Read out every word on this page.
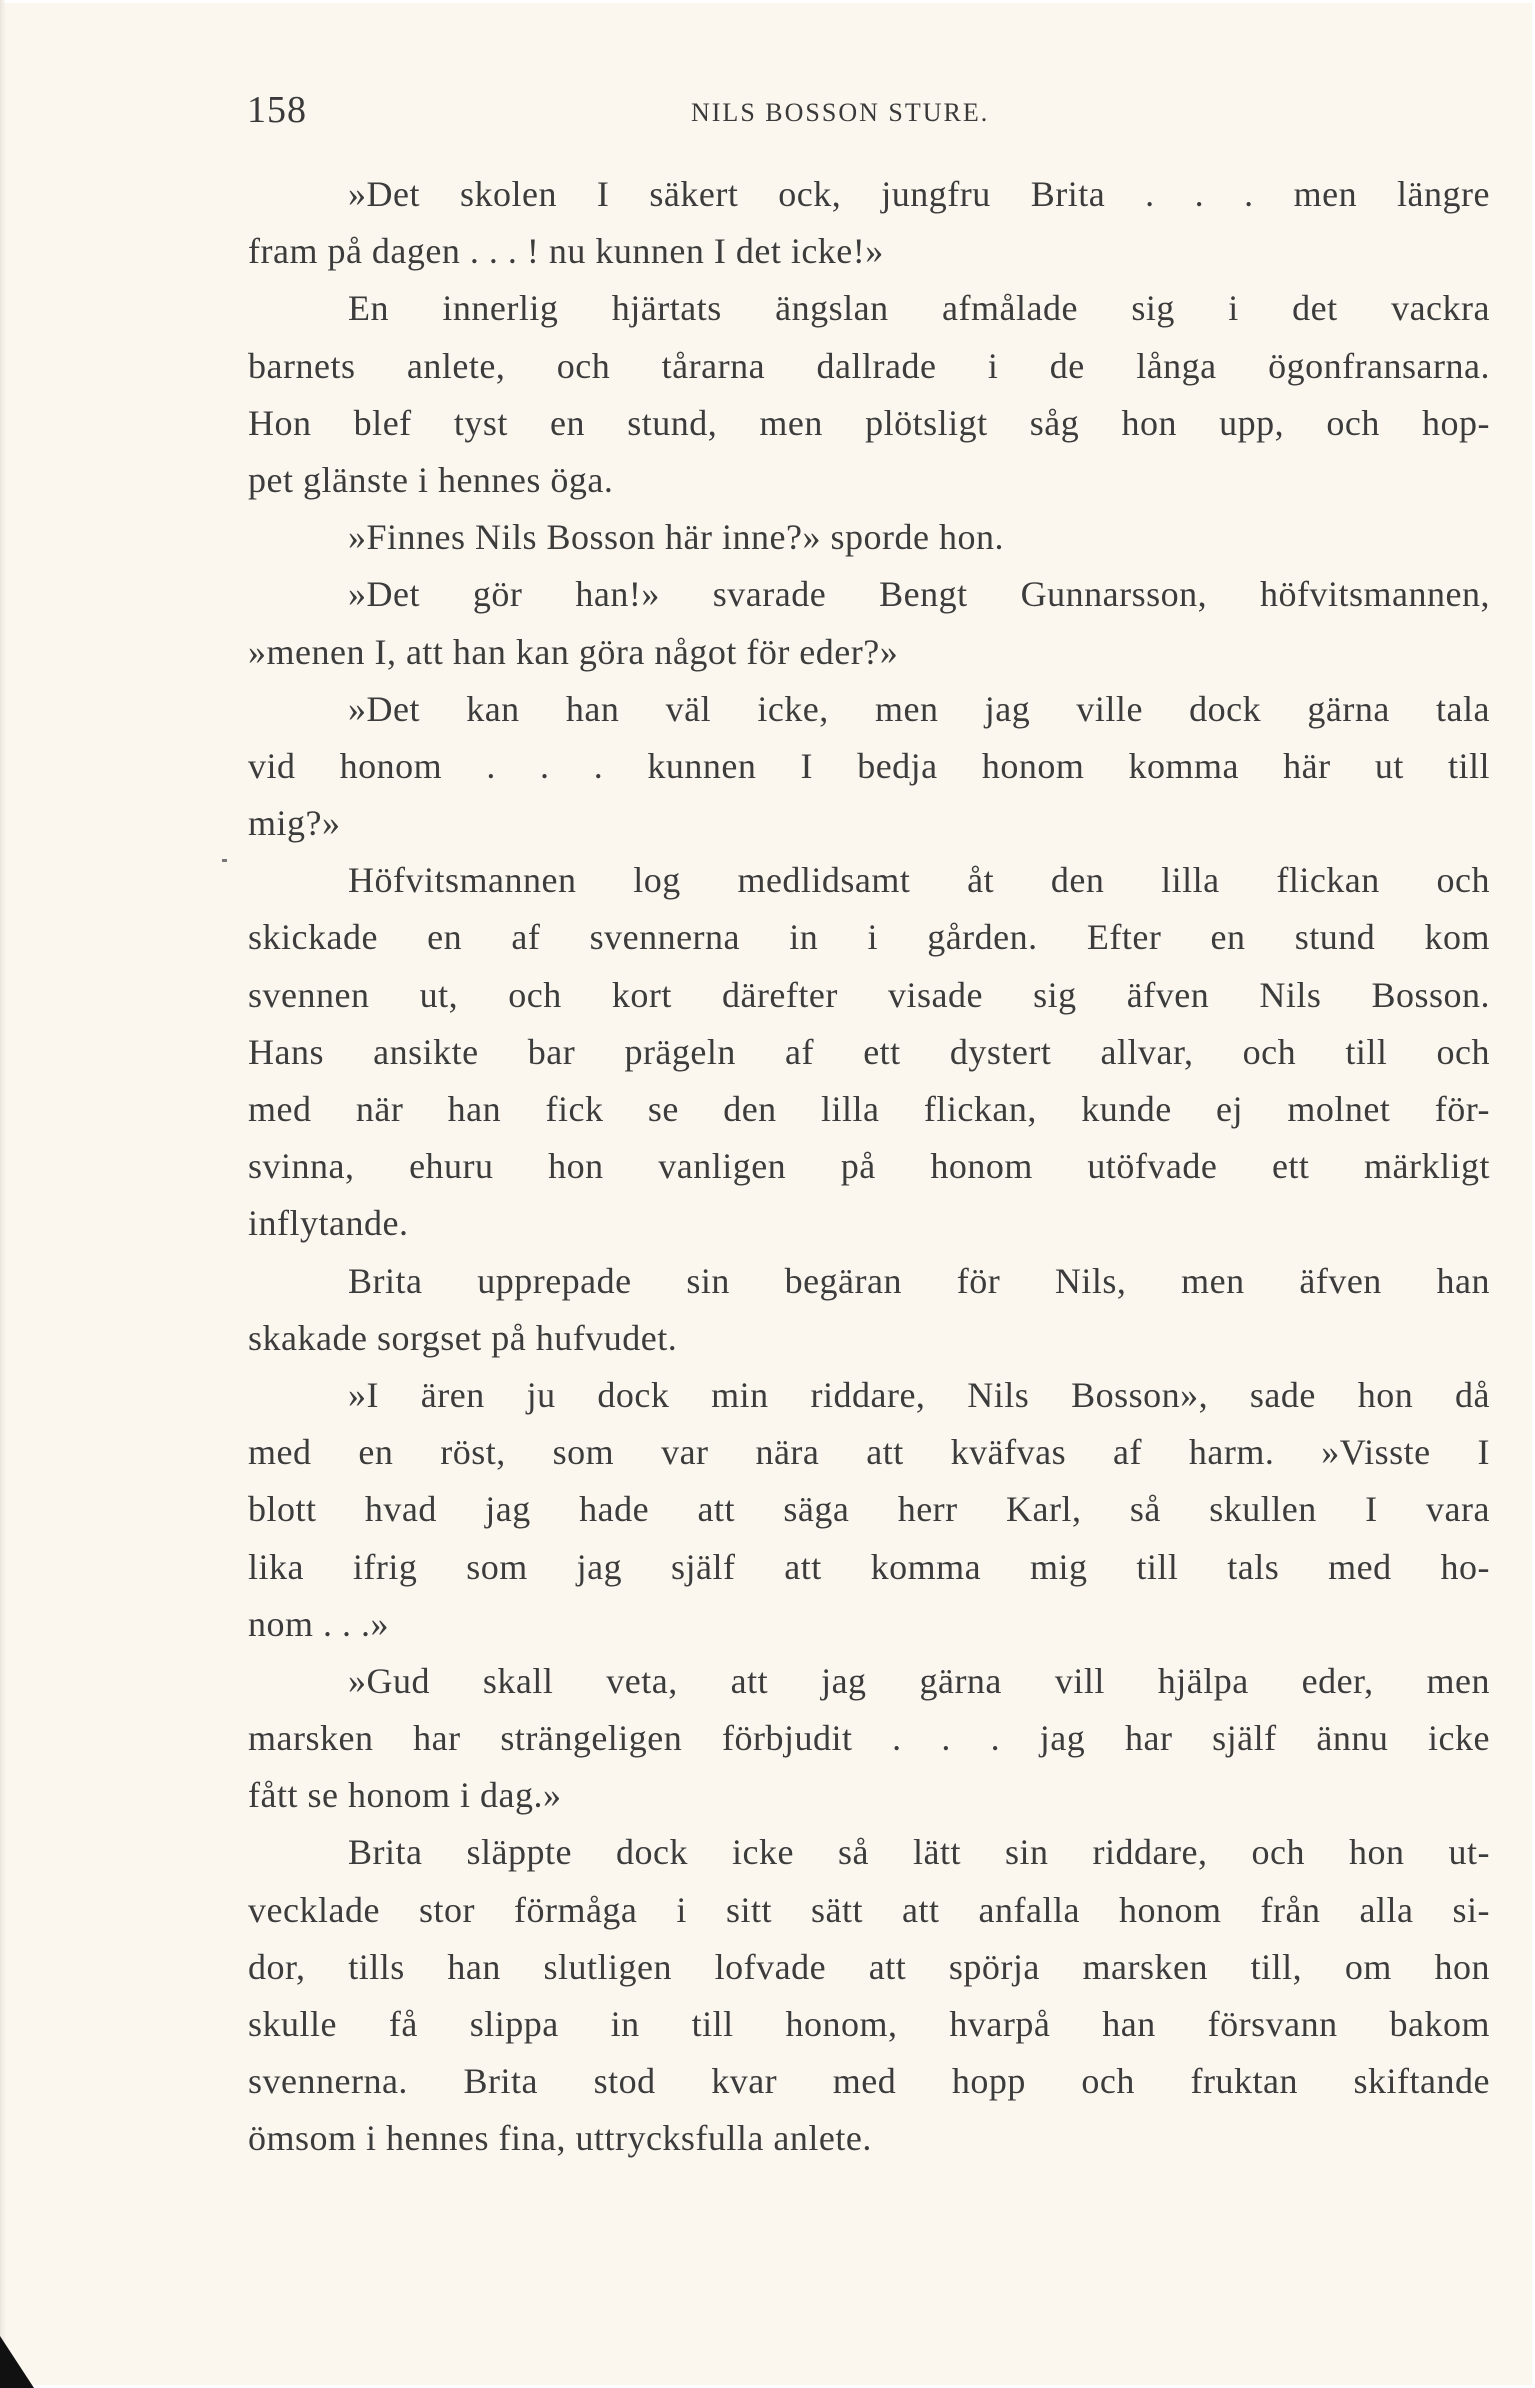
158	NILS BOSSON STURE.
»Det skolen I säkert ock, jungfru Brita . . . men längre
fram på dagen . . . ! nu kunnen I det icke!»
En innerlig hjärtats ängslan afmålade sig i det vackra
barnets anlete, och tårarna dallrade i de långa ögonfransarna.
Hon blef tyst en stund, men plötsligt såg hon upp, och hop-
pet glänste i hennes öga.
»Finnes Nils Bosson här inne?» sporde hon.
»Det gör han!» svarade Bengt Gunnarsson, höfvitsmannen,
»menen I, att han kan göra något för eder?»
»Det kan han väl icke, men jag ville dock gärna tala
vid honom . . . kunnen I bedja honom komma här ut till
mig?»
Höfvitsmannen log medlidsamt åt den lilla flickan och
skickade en af svennerna in i gården. Efter en stund kom
svennen ut, och kort därefter visade sig äfven Nils Bosson.
Hans ansikte bar prägeln af ett dystert allvar, och till och
med när han fick se den lilla flickan, kunde ej molnet för-
svinna, ehuru hon vanligen på honom utöfvade ett märkligt
inflytande.
Brita upprepade sin begäran för Nils, men äfven han
skakade sorgset på hufvudet.
»I ären ju dock min riddare, Nils Bosson», sade hon då
med en röst, som var nära att kväfvas af harm. »Visste I
blott hvad jag hade att säga herr Karl, så skullen I vara
lika ifrig som jag själf att komma mig till tals med ho-
nom . . .»
»Gud skall veta, att jag gärna vill hjälpa eder, men
marsken har strängeligen förbjudit . . . jag har själf ännu icke
fått se honom i dag.»
Brita släppte dock icke så lätt sin riddare, och hon ut-
vecklade stor förmåga i sitt sätt att anfalla honom från alla si-
dor, tills han slutligen lofvade att spörja marsken till, om hon
skulle få slippa in till honom, hvarpå han försvann bakom
svennerna. Brita stod kvar med hopp och fruktan skiftande
ömsom i hennes fina, uttrycksfulla anlete.
